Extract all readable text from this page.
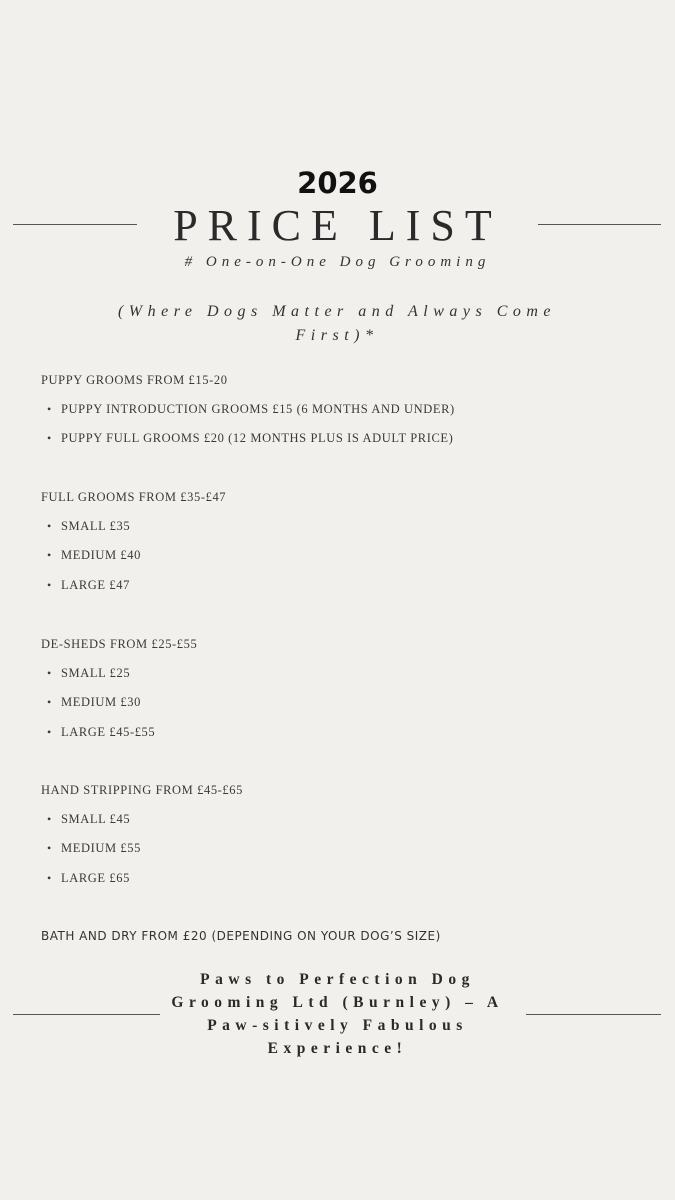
2026
PRICE LIST
# One-on-One Dog Grooming
(Where Dogs Matter and Always Come First)*
PUPPY GROOMS FROM £15-20
• PUPPY INTRODUCTION GROOMS £15 (6 MONTHS AND UNDER)
• PUPPY FULL GROOMS £20 (12 MONTHS PLUS IS ADULT PRICE)
FULL GROOMS FROM £35-£47
• SMALL £35
• MEDIUM £40
• LARGE £47
DE-SHEDS FROM £25-£55
• SMALL £25
• MEDIUM £30
• LARGE £45-£55
HAND STRIPPING FROM £45-£65
• SMALL £45
• MEDIUM £55
• LARGE £65
BATH AND DRY FROM £20 (DEPENDING ON YOUR DOG’S SIZE)
Paws to Perfection Dog Grooming Ltd (Burnley) – A Paw-sitively Fabulous Experience!
